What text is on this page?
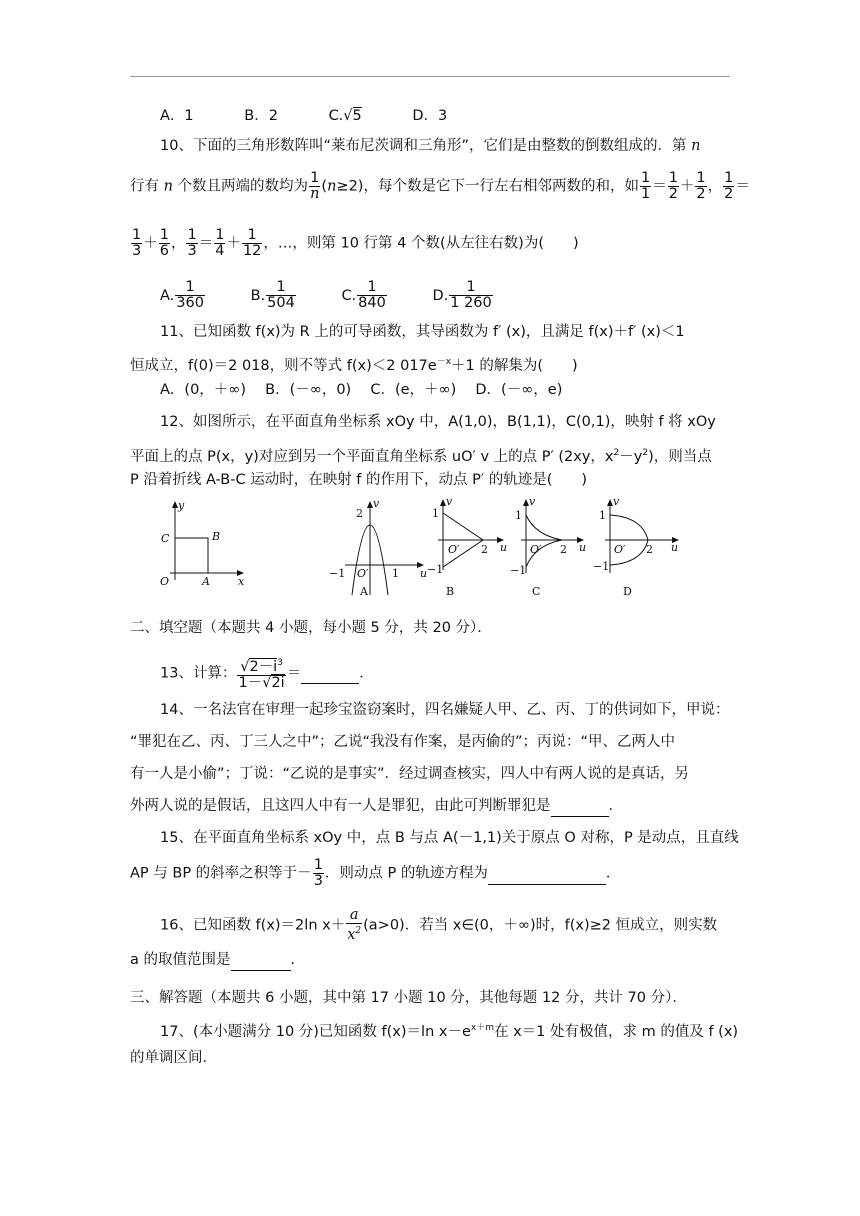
A．1	B．2	C.√5	D．3
10、下面的三角形数阵叫“莱布尼茨调和三角形”，它们是由整数的倒数组成的．第 n
行有 n 个数且两端的数均为 $\frac{1}{n} (n\ge 2)$，每个数是它下一行左右相邻两数的和，如 $\frac{1}{1} = \frac{1}{2} + \frac{1}{2}$ ， $\frac{1}{2}$ ＝
$\frac{1}{3} + \frac{1}{6}$ ， $\frac{1}{3} = \frac{1}{4} + \frac{1}{12}$ ，…，则第 10 行第 4 个数(从左往右数)为(　　)
A. $\frac{1}{360}$	B. $\frac{1}{504}$	C. $\frac{1}{840}$	D. $\frac{1}{1 260}$
11、已知函数 f(x)为 R 上的可导函数，其导函数为 f′ (x)，且满足 f(x)＋f′ (x)＜1
恒成立，f(0)＝2 018，则不等式 f(x)＜2 $017e^{-x}+1$ 的解集为(　　)
A．(0，＋∞)　 B．(－∞，0)　 C．(e，＋∞)　 D．(－∞，e)
12、如图所示，在平面直角坐标系 xOy 中，A(1,0)，B(1,1)，C(0,1)，映射 f 将 xOy
平面上的点 P(x，y)对应到另一个平面直角坐标系 uO′ v 上的点 P′ (2xy，$x^2-y^2$)，则当点
P 沿着折线 A-B-C 运动时，在映射 f 的作用下，动点 P′ 的轨迹是(　　)
y
x
O	A
B
C
v
2
u
−1 O′ 1
A
v
1
−1
O′ 2 u
B
v
1
−1
O′ 2 u
C
v
1
−1
O′ 2 u
D
二、填空题（本题共 4 小题，每小题 5 分，共 20 分）．
13、计算： $\frac{√2-i^3}{1-√2i}$ ＝	．
14、一名法官在审理一起珍宝盗窃案时，四名嫌疑人甲、乙、丙、丁的供词如下，甲说：
“罪犯在乙、丙、丁三人之中”；乙说“我没有作案，是丙偷的”；丙说：“甲、乙两人中
有一人是小偷”；丁说：“乙说的是事实”．经过调查核实，四人中有两人说的是真话，另
外两人说的是假话，且这四人中有一人是罪犯，由此可判断罪犯是	．
15、在平面直角坐标系 xOy 中，点 B 与点 A(－1,1)关于原点 O 对称，P 是动点，且直线
AP 与 BP 的斜率之积等于－ $\frac{1}{3}$ ．则动点 P 的轨迹方程为	．
16、已知函数 f(x)＝2ln $x+ \frac{a}{x^2} (a>0)$．若当 x∈(0，＋∞)时，f(x)≥2 恒成立，则实数
a 的取值范围是	．
三、解答题（本题共 6 小题，其中第 17 小题 10 分，其他每题 12 分，共计 70 分）．
17、(本小题满分 10 分)已知函数 f(x)＝ln $x-e^{x+m}$在 x＝1 处有极值，求 m 的值及 f (x)
的单调区间．
